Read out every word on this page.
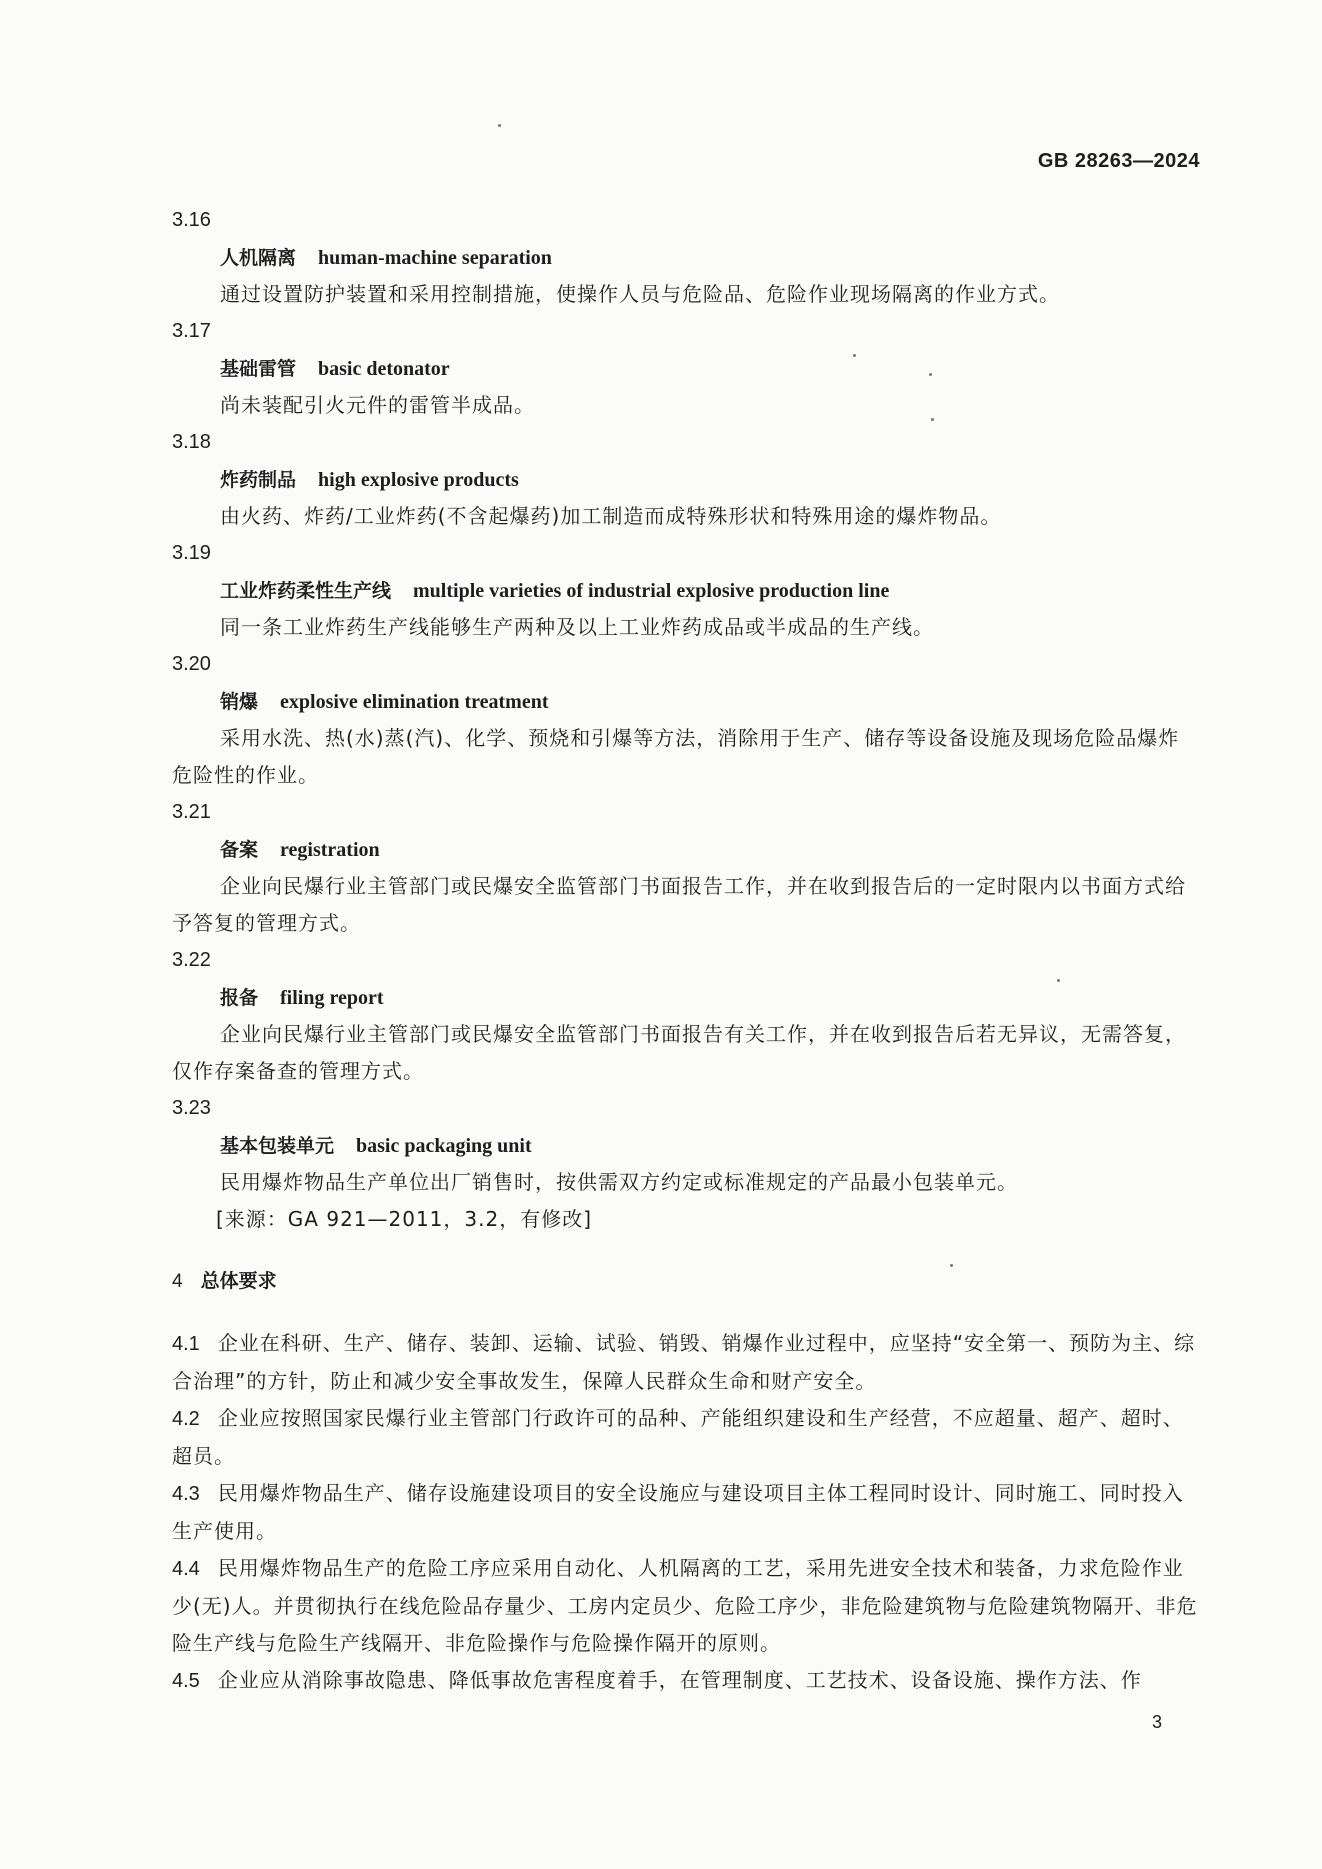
GB 28263—2024
3.16
人机隔离 human-machine separation
通过设置防护装置和采用控制措施，使操作人员与危险品、危险作业现场隔离的作业方式。
3.17
基础雷管 basic detonator
尚未装配引火元件的雷管半成品。
3.18
炸药制品 high explosive products
由火药、炸药/工业炸药(不含起爆药)加工制造而成特殊形状和特殊用途的爆炸物品。
3.19
工业炸药柔性生产线 multiple varieties of industrial explosive production line
同一条工业炸药生产线能够生产两种及以上工业炸药成品或半成品的生产线。
3.20
销爆 explosive elimination treatment
采用水洗、热(水)蒸(汽)、化学、预烧和引爆等方法，消除用于生产、储存等设备设施及现场危险品爆炸危险性的作业。
3.21
备案 registration
企业向民爆行业主管部门或民爆安全监管部门书面报告工作，并在收到报告后的一定时限内以书面方式给予答复的管理方式。
3.22
报备 filing report
企业向民爆行业主管部门或民爆安全监管部门书面报告有关工作，并在收到报告后若无异议，无需答复，仅作存案备查的管理方式。
3.23
基本包装单元 basic packaging unit
民用爆炸物品生产单位出厂销售时，按供需双方约定或标准规定的产品最小包装单元。
[来源：GA 921—2011，3.2，有修改]
4 总体要求
4.1 企业在科研、生产、储存、装卸、运输、试验、销毁、销爆作业过程中，应坚持“安全第一、预防为主、综合治理”的方针，防止和减少安全事故发生，保障人民群众生命和财产安全。
4.2 企业应按照国家民爆行业主管部门行政许可的品种、产能组织建设和生产经营，不应超量、超产、超时、超员。
4.3 民用爆炸物品生产、储存设施建设项目的安全设施应与建设项目主体工程同时设计、同时施工、同时投入生产使用。
4.4 民用爆炸物品生产的危险工序应采用自动化、人机隔离的工艺，采用先进安全技术和装备，力求危险作业少(无)人。并贯彻执行在线危险品存量少、工房内定员少、危险工序少，非危险建筑物与危险建筑物隔开、非危险生产线与危险生产线隔开、非危险操作与危险操作隔开的原则。
4.5 企业应从消除事故隐患、降低事故危害程度着手，在管理制度、工艺技术、设备设施、操作方法、作
3
